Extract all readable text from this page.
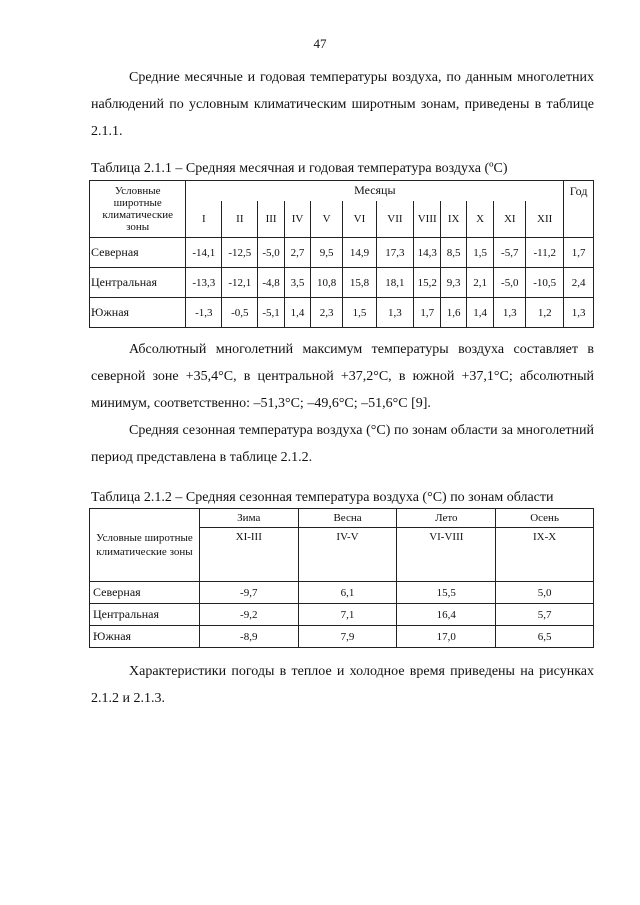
47

Средние месячные и годовая температуры воздуха, по данным многолетних наблюдений по условным климатическим широтным зонам, приведены в таблице 2.1.1.

Таблица 2.1.1 – Средняя месячная и годовая температура воздуха (ºС)
Условные широтные климатические зоны	Месяцы												Год
	I	II	III	IV	V	VI	VII	VIII	IX	X	XI	XII	
Северная	-14,1	-12,5	-5,0	2,7	9,5	14,9	17,3	14,3	8,5	1,5	-5,7	-11,2	1,7
Центральная	-13,3	-12,1	-4,8	3,5	10,8	15,8	18,1	15,2	9,3	2,1	-5,0	-10,5	2,4
Южная	-1,3	-0,5	-5,1	1,4	2,3	1,5	1,3	1,7	1,6	1,4	1,3	1,2	1,3

Абсолютный многолетний максимум температуры воздуха составляет в северной зоне +35,4°С, в центральной +37,2°С, в южной +37,1°С; абсолютный минимум, соответственно: –51,3°С; –49,6°С; –51,6°С [9].

Средняя сезонная температура воздуха (°С) по зонам области за многолетний период представлена в таблице 2.1.2.

Таблица 2.1.2 – Средняя сезонная температура воздуха (°С) по зонам области
Условные широтные климатические зоны	Зима	Весна	Лето	Осень
	XI-III	IV-V	VI-VIII	IX-X
Северная	-9,7	6,1	15,5	5,0
Центральная	-9,2	7,1	16,4	5,7
Южная	-8,9	7,9	17,0	6,5

Характеристики погоды в теплое и холодное время приведены на рисунках 2.1.2 и 2.1.3.
